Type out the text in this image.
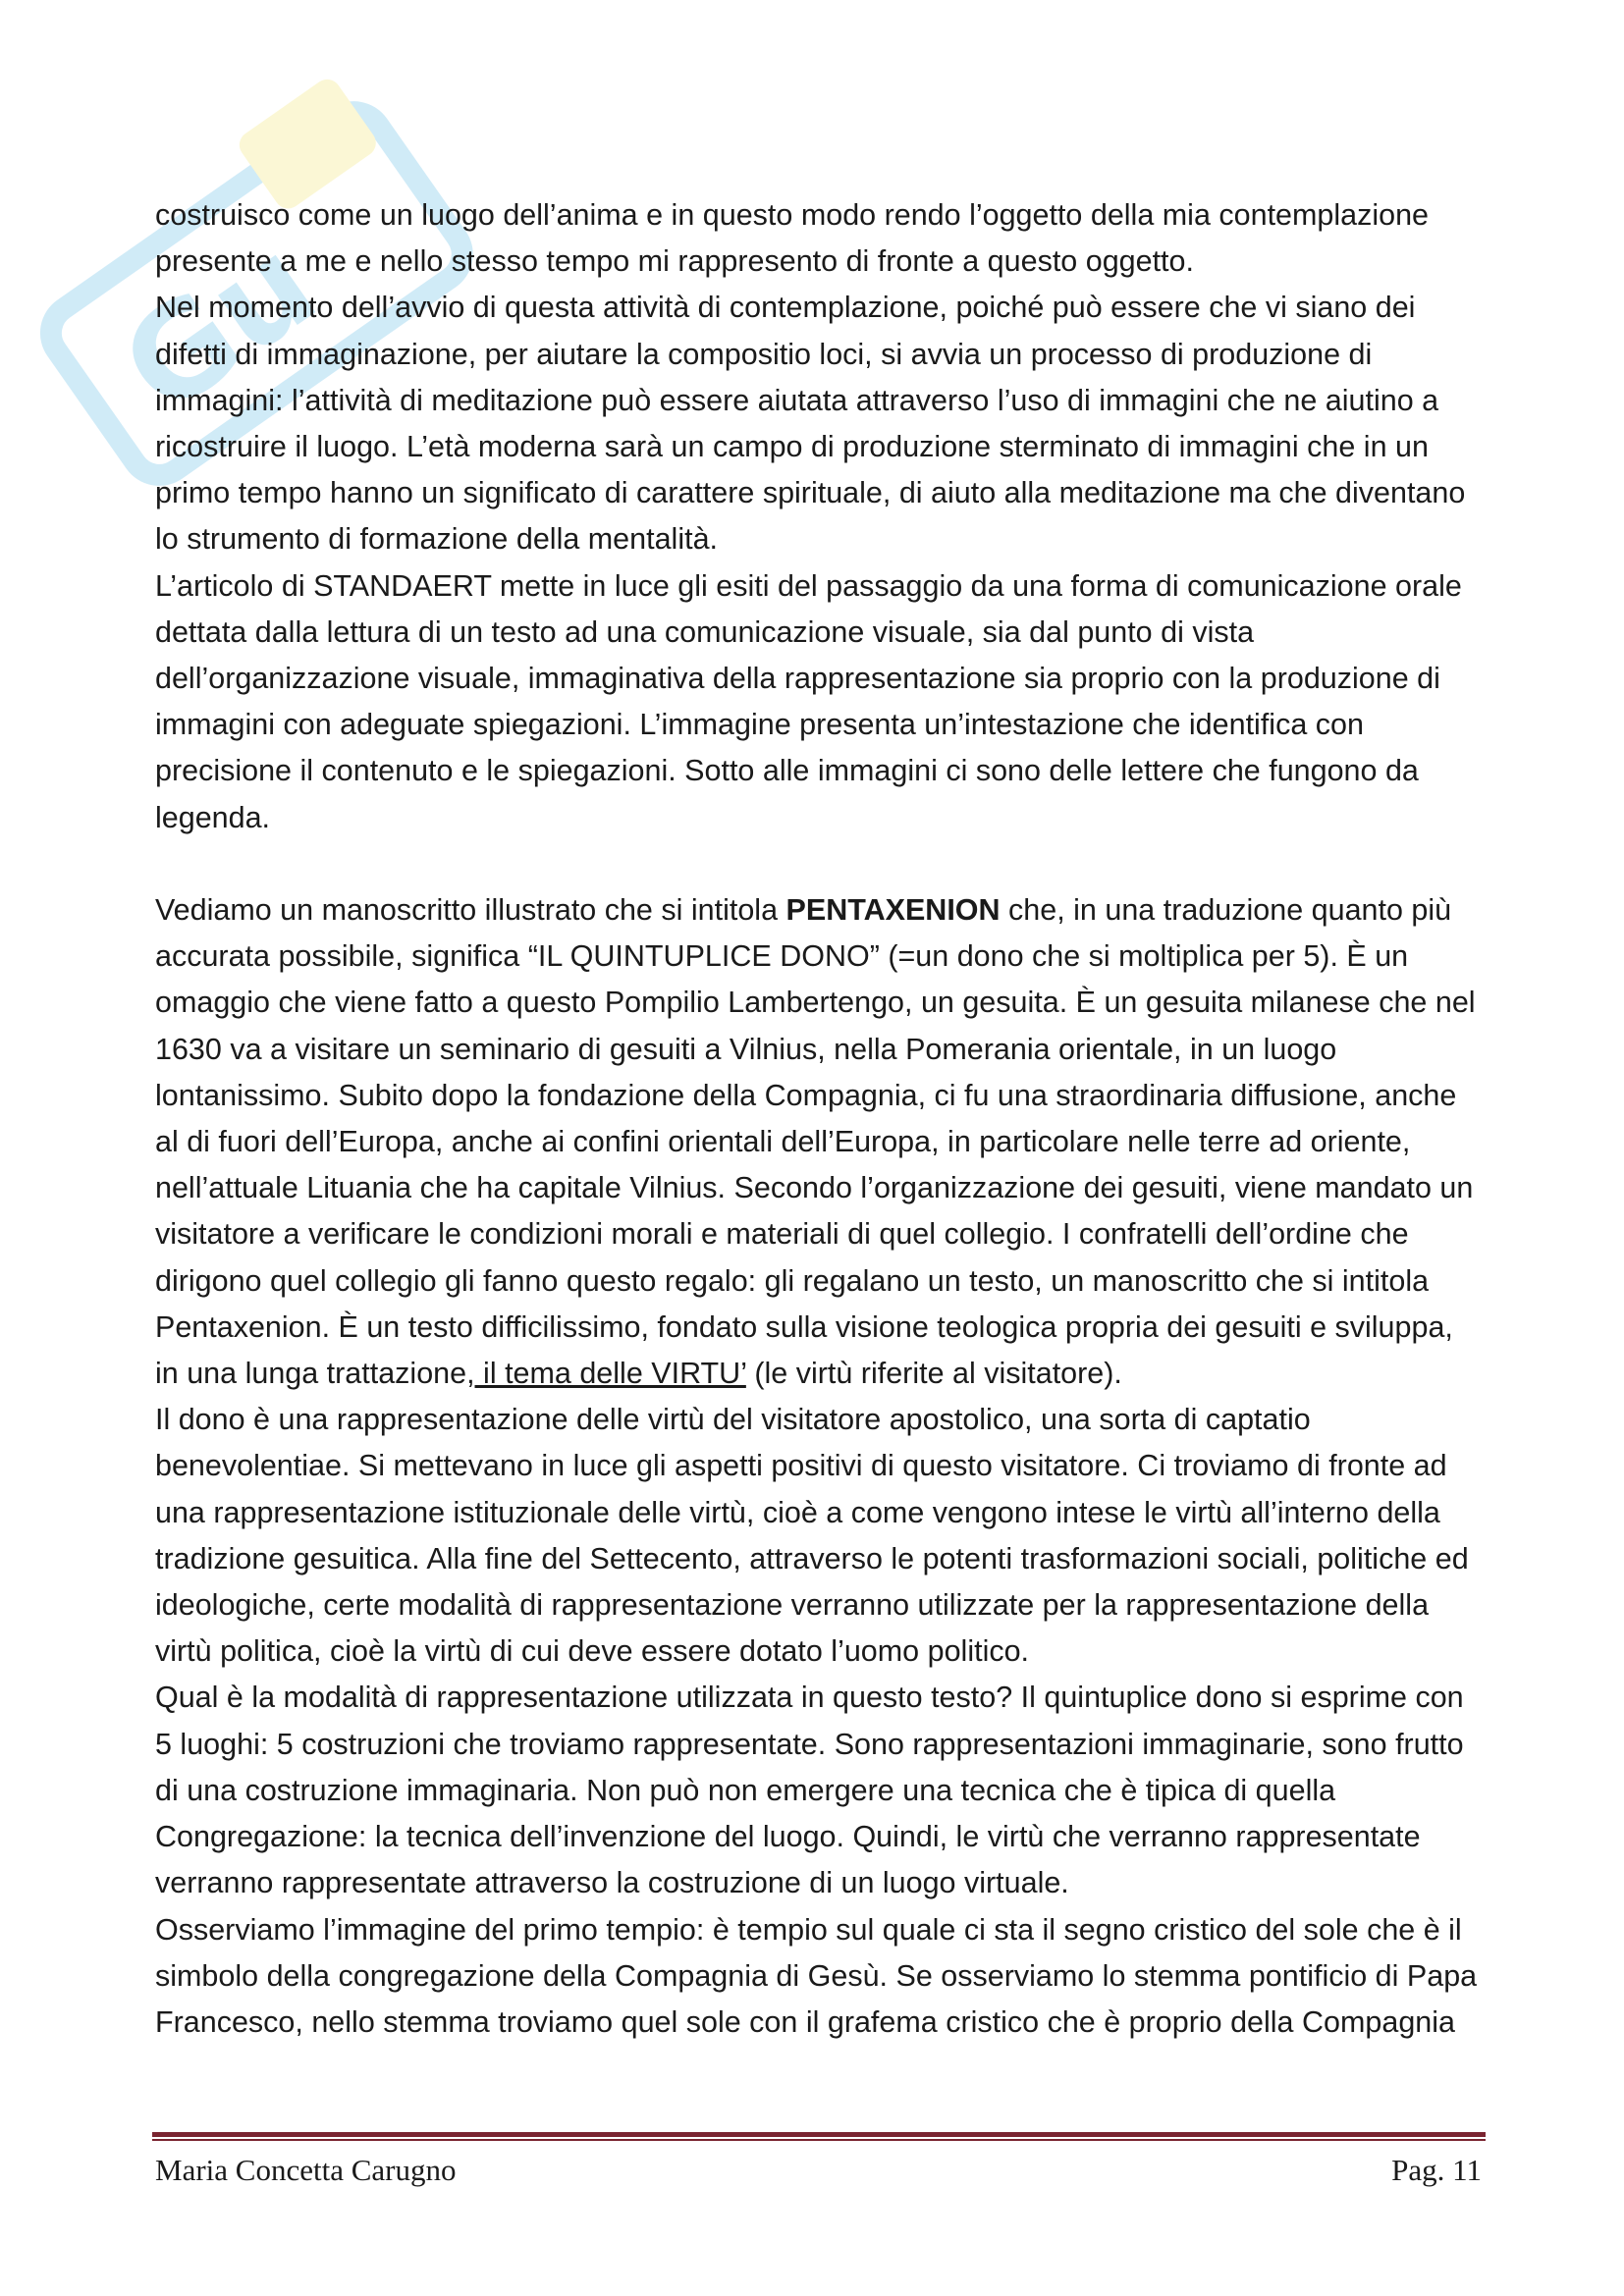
Gu

costruisco come un luogo dell’anima e in questo modo rendo l’oggetto della mia contemplazione presente a me e nello stesso tempo mi rappresento di fronte a questo oggetto.

Nel momento dell’avvio di questa attività di contemplazione, poiché può essere che vi siano dei difetti di immaginazione, per aiutare la compositio loci, si avvia un processo di produzione di immagini: l’attività di meditazione può essere aiutata attraverso l’uso di immagini che ne aiutino a ricostruire il luogo. L’età moderna sarà un campo di produzione sterminato di immagini che in un primo tempo hanno un significato di carattere spirituale, di aiuto alla meditazione ma che diventano lo strumento di formazione della mentalità.

L’articolo di STANDAERT mette in luce gli esiti del passaggio da una forma di comunicazione orale dettata dalla lettura di un testo ad una comunicazione visuale, sia dal punto di vista dell’organizzazione visuale, immaginativa della rappresentazione sia proprio con la produzione di immagini con adeguate spiegazioni. L’immagine presenta un’intestazione che identifica con precisione il contenuto e le spiegazioni. Sotto alle immagini ci sono delle lettere che fungono da legenda.

Vediamo un manoscritto illustrato che si intitola PENTAXENION che, in una traduzione quanto più accurata possibile, significa “IL QUINTUPLICE DONO” (=un dono che si moltiplica per 5). È un omaggio che viene fatto a questo Pompilio Lambertengo, un gesuita. È un gesuita milanese che nel 1630 va a visitare un seminario di gesuiti a Vilnius, nella Pomerania orientale, in un luogo lontanissimo. Subito dopo la fondazione della Compagnia, ci fu una straordinaria diffusione, anche al di fuori dell’Europa, anche ai confini orientali dell’Europa, in particolare nelle terre ad oriente, nell’attuale Lituania che ha capitale Vilnius. Secondo l’organizzazione dei gesuiti, viene mandato un visitatore a verificare le condizioni morali e materiali di quel collegio. I confratelli dell’ordine che dirigono quel collegio gli fanno questo regalo: gli regalano un testo, un manoscritto che si intitola Pentaxenion. È un testo difficilissimo, fondato sulla visione teologica propria dei gesuiti e sviluppa, in una lunga trattazione, il tema delle VIRTU’ (le virtù riferite al visitatore).

Il dono è una rappresentazione delle virtù del visitatore apostolico, una sorta di captatio benevolentiae. Si mettevano in luce gli aspetti positivi di questo visitatore. Ci troviamo di fronte ad una rappresentazione istituzionale delle virtù, cioè a come vengono intese le virtù all’interno della tradizione gesuitica. Alla fine del Settecento, attraverso le potenti trasformazioni sociali, politiche ed ideologiche, certe modalità di rappresentazione verranno utilizzate per la rappresentazione della virtù politica, cioè la virtù di cui deve essere dotato l’uomo politico.

Qual è la modalità di rappresentazione utilizzata in questo testo? Il quintuplice dono si esprime con 5 luoghi: 5 costruzioni che troviamo rappresentate. Sono rappresentazioni immaginarie, sono frutto di una costruzione immaginaria. Non può non emergere una tecnica che è tipica di quella Congregazione: la tecnica dell’invenzione del luogo. Quindi, le virtù che verranno rappresentate verranno rappresentate attraverso la costruzione di un luogo virtuale.

Osserviamo l’immagine del primo tempio: è tempio sul quale ci sta il segno cristico del sole che è il simbolo della congregazione della Compagnia di Gesù. Se osserviamo lo stemma pontificio di Papa Francesco, nello stemma troviamo quel sole con il grafema cristico che è proprio della Compagnia

Maria Concetta Carugno	Pag. 11
